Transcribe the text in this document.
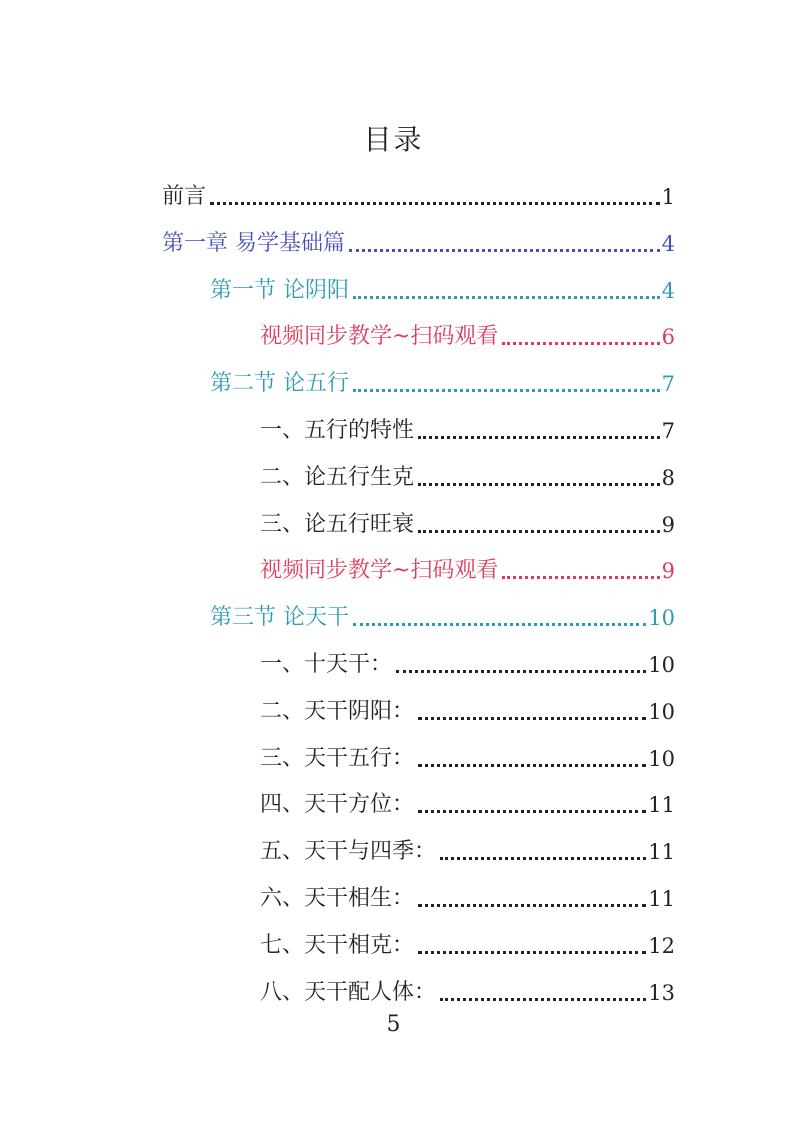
目录
前言	1
第一章 易学基础篇	4
第一节 论阴阳	4
视频同步教学~扫码观看	6
第二节 论五行	7
一、五行的特性	7
二、论五行生克	8
三、论五行旺衰	9
视频同步教学~扫码观看	9
第三节 论天干	10
一、十天干：	10
二、天干阴阳：	10
三、天干五行：	10
四、天干方位：	11
五、天干与四季：	11
六、天干相生：	11
七、天干相克：	12
八、天干配人体：	13
5
